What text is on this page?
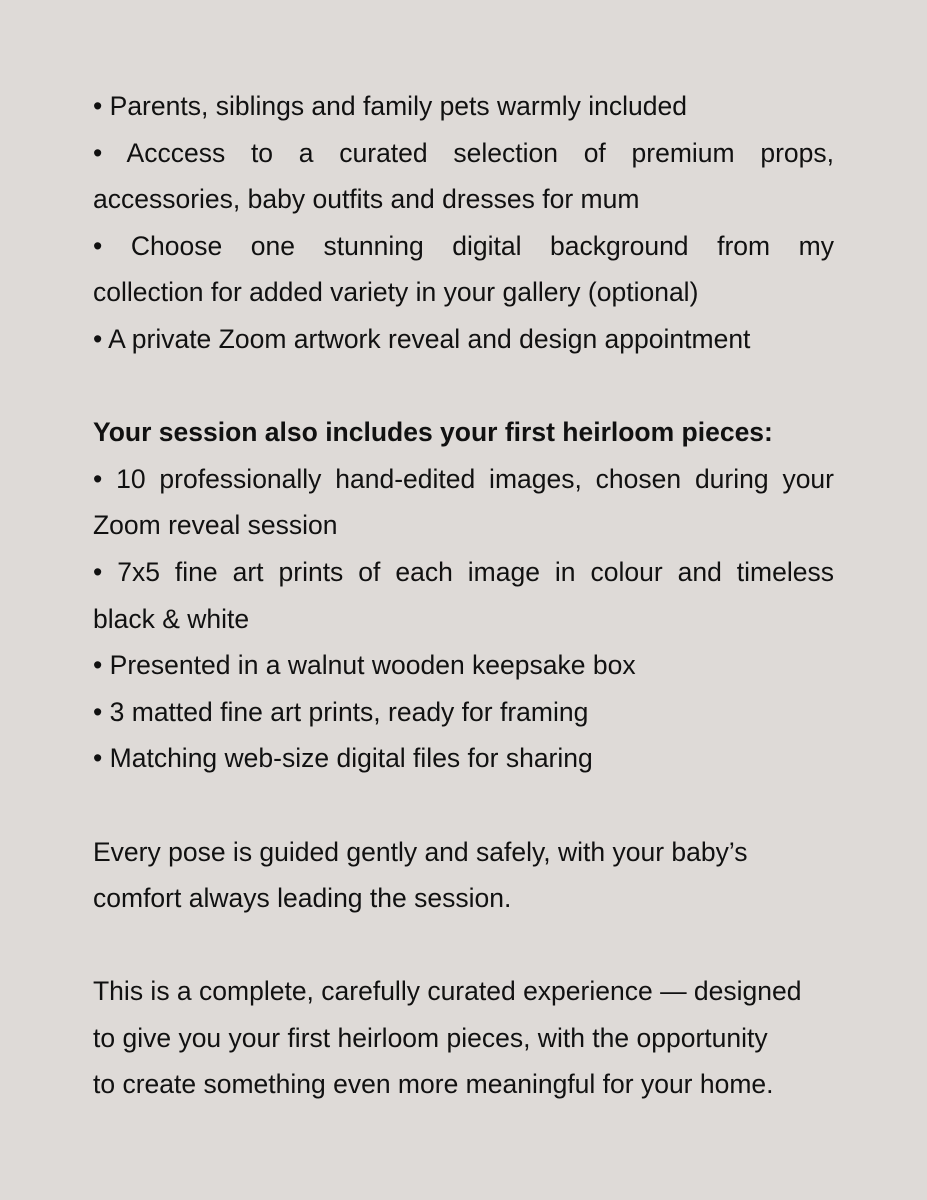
• Parents, siblings and family pets warmly included

• Acccess to a curated selection of premium props,

accessories, baby outfits and dresses for mum

• Choose one stunning digital background from my

collection for added variety in your gallery (optional)

• A private Zoom artwork reveal and design appointment

Your session also includes your first heirloom pieces:

• 10 professionally hand-edited images, chosen during your

Zoom reveal session

• 7x5 fine art prints of each image in colour and timeless

black & white

• Presented in a walnut wooden keepsake box

• 3 matted fine art prints, ready for framing

• Matching web-size digital files for sharing

Every pose is guided gently and safely, with your baby’s

comfort always leading the session.

This is a complete, carefully curated experience — designed

to give you your first heirloom pieces, with the opportunity

to create something even more meaningful for your home.
